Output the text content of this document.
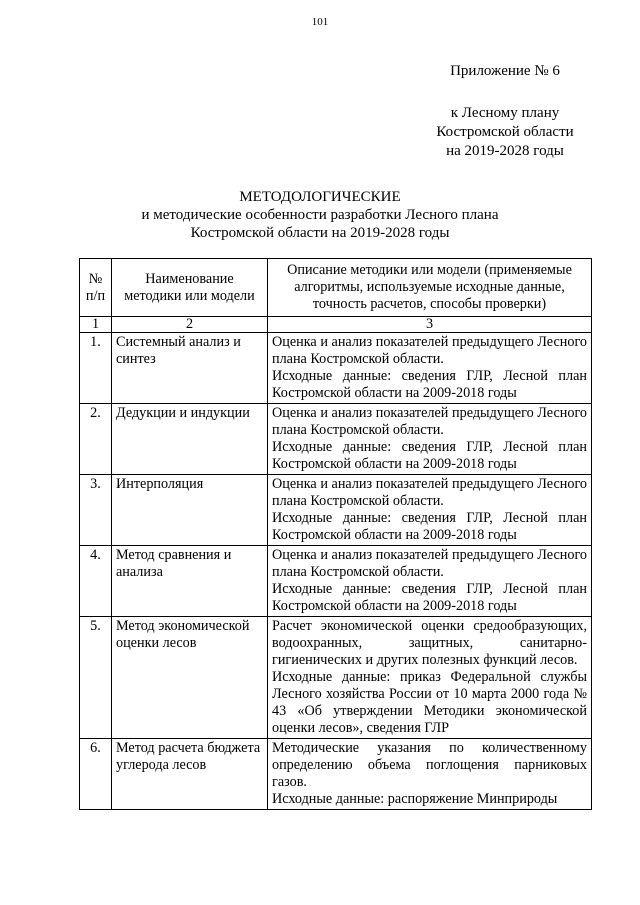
101
Приложение № 6
к Лесному плану
Костромской области
на 2019-2028 годы
МЕТОДОЛОГИЧЕСКИЕ
и методические особенности разработки Лесного плана
Костромской области на 2019-2028 годы
№ п/п	Наименование методики или модели	Описание методики или модели (применяемые алгоритмы, используемые исходные данные, точность расчетов, способы проверки)
1	2	3
1.	Системный анализ и синтез	Оценка и анализ показателей предыдущего Лесного плана Костромской области.

Исходные данные: сведения ГЛР, Лесной план Костромской области на 2009-2018 годы

2.	Дедукции и индукции	Оценка и анализ показателей предыдущего Лесного плана Костромской области.

Исходные данные: сведения ГЛР, Лесной план Костромской области на 2009-2018 годы

3.	Интерполяция	Оценка и анализ показателей предыдущего Лесного плана Костромской области.

Исходные данные: сведения ГЛР, Лесной план Костромской области на 2009-2018 годы

4.	Метод сравнения и анализа	Оценка и анализ показателей предыдущего Лесного плана Костромской области.

Исходные данные: сведения ГЛР, Лесной план Костромской области на 2009-2018 годы

5.	Метод экономической оценки лесов	Расчет экономической оценки средообразующих, водоохранных, защитных, санитарно-гигиенических и других полезных функций лесов.

Исходные данные: приказ Федеральной службы Лесного хозяйства России от 10 марта 2000 года № 43 «Об утверждении Методики экономической оценки лесов», сведения ГЛР

6.	Метод расчета бюджета углерода лесов	Методические указания по количественному определению объема поглощения парниковых газов.

Исходные данные: распоряжение Минприроды
